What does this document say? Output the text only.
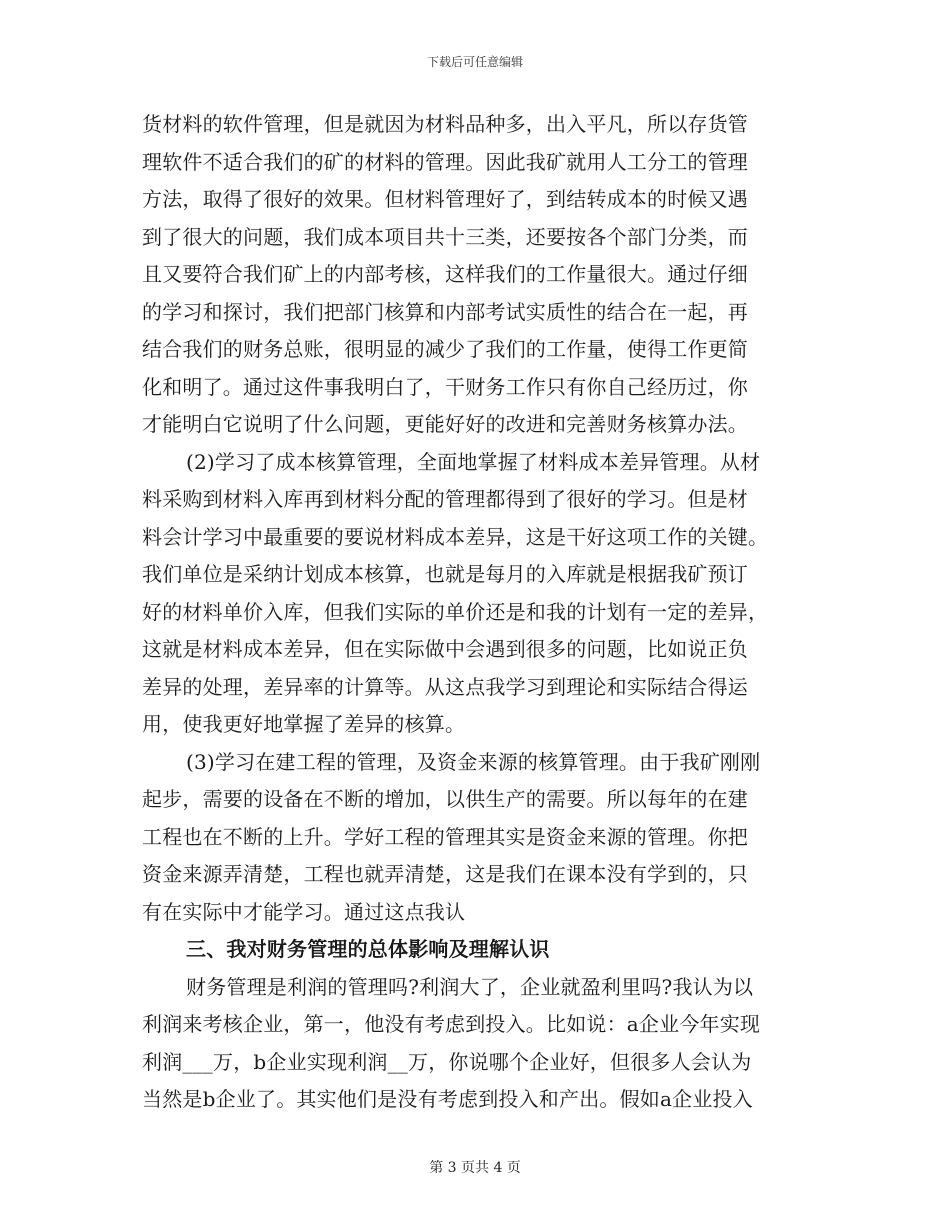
下载后可任意编辑
货材料的软件管理，但是就因为材料品种多，出入平凡，所以存货管
理软件不适合我们的矿的材料的管理。因此我矿就用人工分工的管理
方法，取得了很好的效果。但材料管理好了，到结转成本的时候又遇
到了很大的问题，我们成本项目共十三类，还要按各个部门分类，而
且又要符合我们矿上的内部考核，这样我们的工作量很大。通过仔细
的学习和探讨，我们把部门核算和内部考试实质性的结合在一起，再
结合我们的财务总账，很明显的减少了我们的工作量，使得工作更简
化和明了。通过这件事我明白了，干财务工作只有你自己经历过，你
才能明白它说明了什么问题，更能好好的改进和完善财务核算办法。
(2)学习了成本核算管理，全面地掌握了材料成本差异管理。从材
料采购到材料入库再到材料分配的管理都得到了很好的学习。但是材
料会计学习中最重要的要说材料成本差异，这是干好这项工作的关键。
我们单位是采纳计划成本核算，也就是每月的入库就是根据我矿预订
好的材料单价入库，但我们实际的单价还是和我的计划有一定的差异，
这就是材料成本差异，但在实际做中会遇到很多的问题，比如说正负
差异的处理，差异率的计算等。从这点我学习到理论和实际结合得运
用，使我更好地掌握了差异的核算。
(3)学习在建工程的管理，及资金来源的核算管理。由于我矿刚刚
起步，需要的设备在不断的增加，以供生产的需要。所以每年的在建
工程也在不断的上升。学好工程的管理其实是资金来源的管理。你把
资金来源弄清楚，工程也就弄清楚，这是我们在课本没有学到的，只
有在实际中才能学习。通过这点我认
三、我对财务管理的总体影响及理解认识
财务管理是利润的管理吗?利润大了，企业就盈利里吗?我认为以
利润来考核企业，第一，他没有考虑到投入。比如说：a企业今年实现
利润___万，b企业实现利润__万，你说哪个企业好，但很多人会认为
当然是b企业了。其实他们是没有考虑到投入和产出。假如a企业投入
第 3 页共 4 页
